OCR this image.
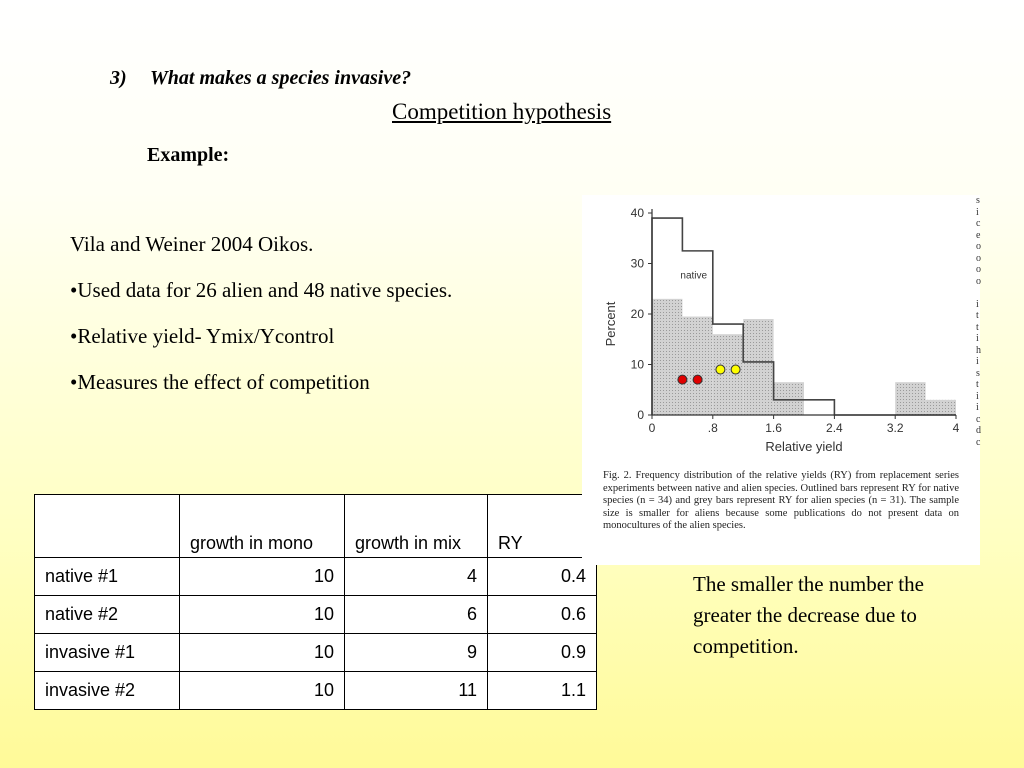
3) What makes a species invasive?
Competition hypothesis
Example:

Vila and Weiner 2004 Oikos.

•Used data for 26 alien and 48 native species.

•Relative yield- Ymix/Ycontrol

•Measures the effect of competition

	growth in mono	growth in mix	RY
native #1	10	4	0.4
native #2	10	6	0.6
invasive #1	10	9	0.9
invasive #2	10	11	1.1
native
0	.8	1.6	2.4	3.2	4
0
10
20
30
40
Relative yield
Percent
Fig. 2. Frequency distribution of the relative yields (RY) from replacement series experiments between native and alien species. Outlined bars represent RY for native species (n = 34) and grey bars represent RY for alien species (n = 31). The sample size is smaller for aliens because some publications do not present data on monocultures of the alien species.
s
i
c
e
o
o
o
o

i
t
t
i
h
i
s
t
i
i
c
d
c
The smaller the number the greater the decrease due to competition.
